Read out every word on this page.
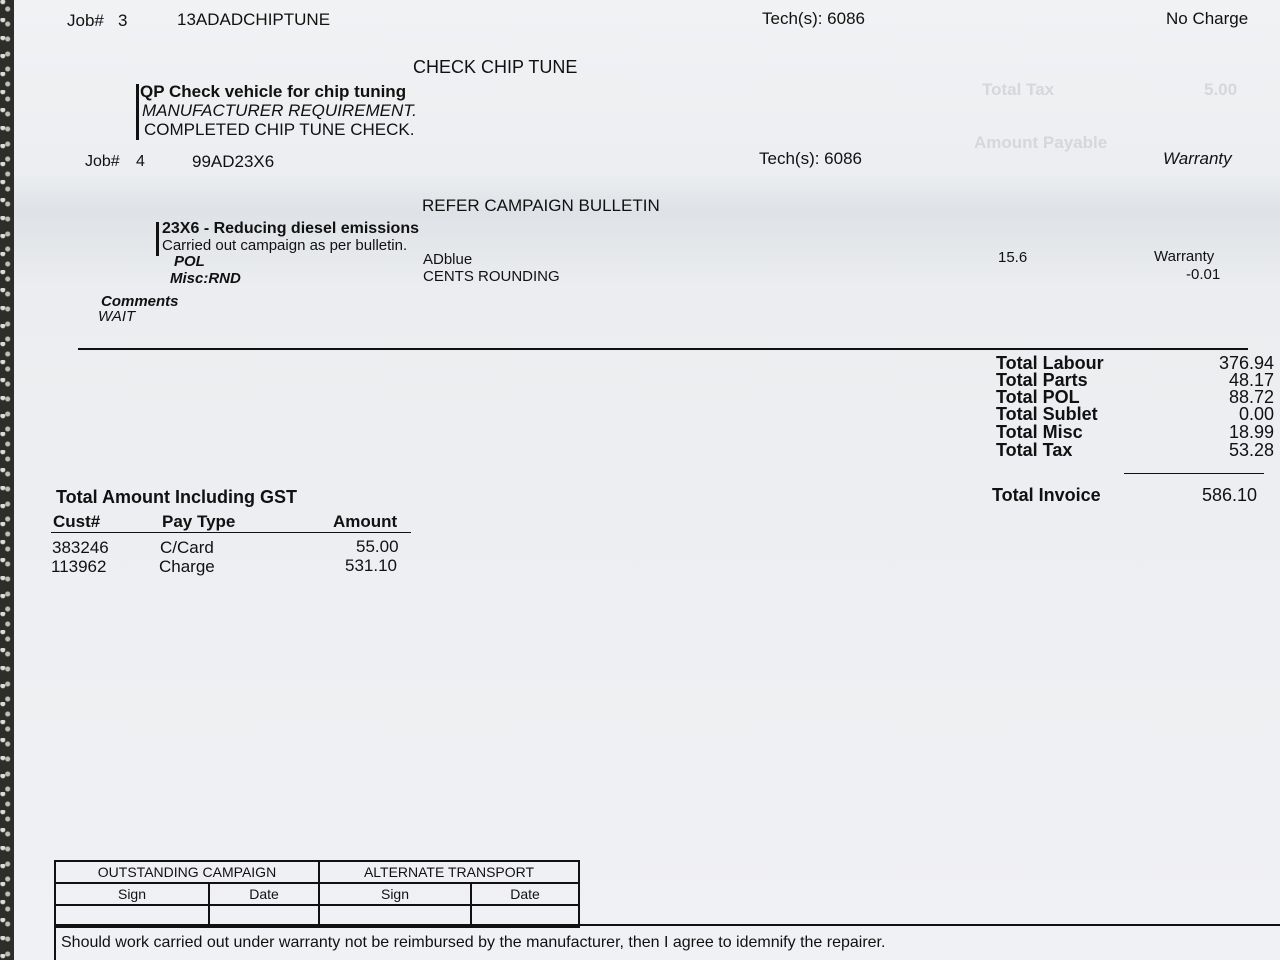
Job# 3	13ADADCHIPTUNE	Tech(s): 6086	No Charge
CHECK CHIP TUNE
QP Check vehicle for chip tuning
MANUFACTURER REQUIREMENT.
COMPLETED CHIP TUNE CHECK.
Total Tax	5.00
Amount Payable
Job# 4	99AD23X6	Tech(s): 6086	Warranty
REFER CAMPAIGN BULLETIN
23X6 - Reducing diesel emissions
Carried out campaign as per bulletin.
POL	ADblue	15.6	Warranty
Misc:RND	CENTS ROUNDING	-0.01
Comments
WAIT
Total Labour	376.94
Total Parts	48.17
Total POL	88.72
Total Sublet	0.00
Total Misc	18.99
Total Tax	53.28
Total Invoice	586.10
Total Amount Including GST
Cust#	Pay Type	Amount
383246	C/Card	55.00
113962	Charge	531.10
OUTSTANDING CAMPAIGN		ALTERNATE TRANSPORT	
Sign	Date	Sign	Date

Should work carried out under warranty not be reimbursed by the manufacturer, then I agree to idemnify the repairer.
